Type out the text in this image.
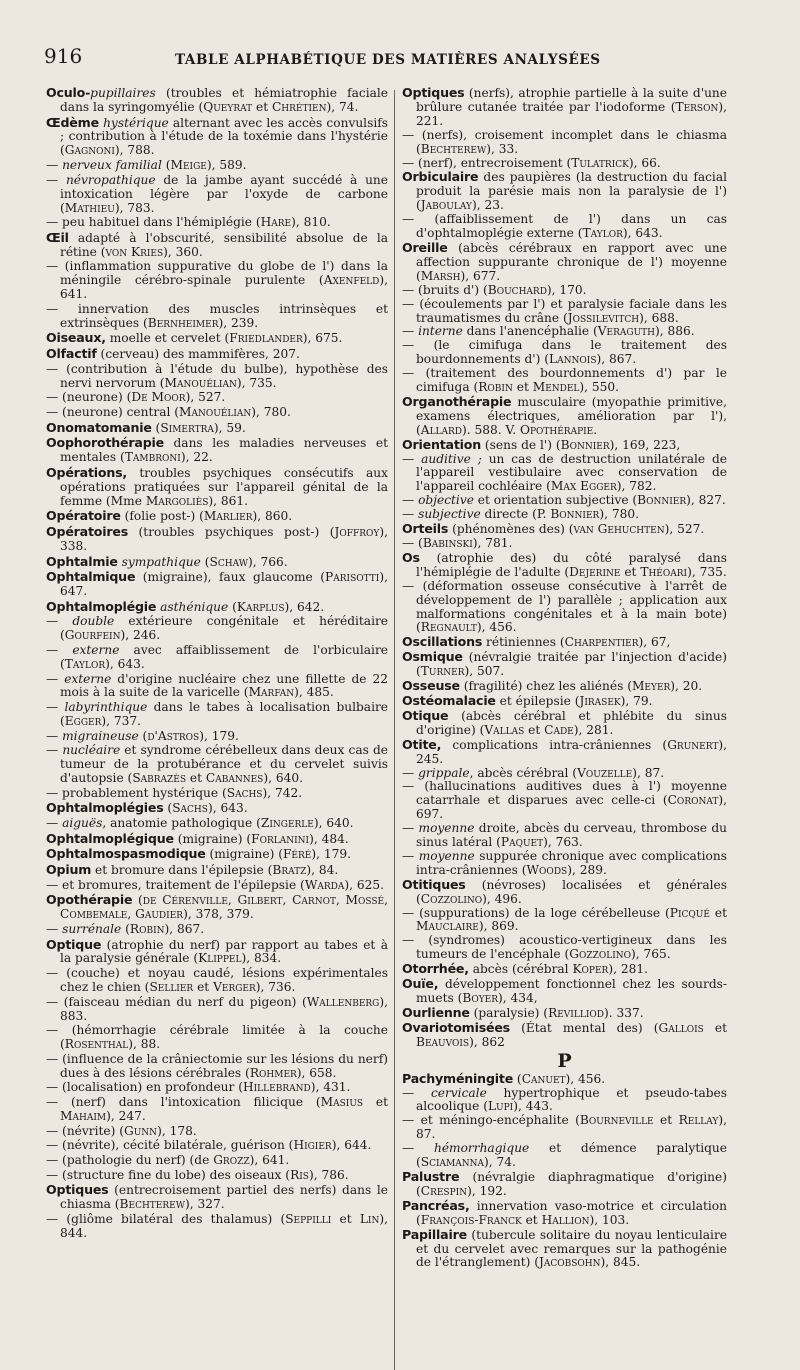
916	TABLE ALPHABÉTIQUE DES MATIÈRES ANALYSÉES
Oculo-pupillaires (troubles et hémiatrophie faciale dans la syringomyélie (Queyrat et Chrétien), 74.
Œdème hystérique alternant avec les accès convulsifs ; contribution à l'étude de la toxémie dans l'hystérie (Gagnoni), 788.
— nerveux familial (Meige), 589.
— névropathique de la jambe ayant succédé à une intoxication légère par l'oxyde de carbone (Mathieu), 783.
— peu habituel dans l'hémiplégie (Hare), 810.
Œil adapté à l'obscurité, sensibilité absolue de la rétine (von Kries), 360.
— (inflammation suppurative du globe de l') dans la méningile cérébro-spinale purulente (Axenfeld), 641.
— innervation des muscles intrinsèques et extrinsèques (Bernheimer), 239.
Oiseaux, moelle et cervelet (Friedlander), 675.
Olfactif (cerveau) des mammifères, 207.
— (contribution à l'étude du bulbe), hypothèse des nervi nervorum (Manouélian), 735.
— (neurone) (De Moor), 527.
— (neurone) central (Manouélian), 780.
Onomatomanie (Simertra), 59.
Oophorothérapie dans les maladies nerveuses et mentales (Tambroni), 22.
Opérations, troubles psychiques consécutifs aux opérations pratiquées sur l'appareil génital de la femme (Mme Margoliès), 861.
Opératoire (folie post-) (Marlier), 860.
Opératoires (troubles psychiques post-) (Joffroy), 338.
Ophtalmie sympathique (Schaw), 766.
Ophtalmique (migraine), faux glaucome (Parisotti), 647.
Ophtalmoplégie asthénique (Karplus), 642.
— double extérieure congénitale et héréditaire (Gourfein), 246.
— externe avec affaiblissement de l'orbiculaire (Taylor), 643.
— externe d'origine nucléaire chez une fillette de 22 mois à la suite de la varicelle (Marfan), 485.
— labyrinthique dans le tabes à localisation bulbaire (Egger), 737.
— migraineuse (d'Astros), 179.
— nucléaire et syndrome cérébelleux dans deux cas de tumeur de la protubérance et du cervelet suivis d'autopsie (Sabrazès et Cabannes), 640.
— probablement hystérique (Sachs), 742.
Ophtalmoplégies (Sachs), 643.
— aiguës, anatomie pathologique (Zingerle), 640.
Ophtalmoplégique (migraine) (Forlanini), 484.
Ophtalmospasmodique (migraine) (Féré), 179.
Opium et bromure dans l'épilepsie (Bratz), 84.
— et bromures, traitement de l'épilepsie (Warda), 625.
Opothérapie (de Cérenville, Gilbert, Carnot, Mossé, Combemale, Gaudier), 378, 379.
— surrénale (Robin), 867.
Optique (atrophie du nerf) par rapport au tabes et à la paralysie générale (Klippel), 834.
— (couche) et noyau caudé, lésions expérimentales chez le chien (Sellier et Verger), 736.
— (faisceau médian du nerf du pigeon) (Wallenberg), 883.
— (hémorrhagie cérébrale limitée à la couche (Rosenthal), 88.
— (influence de la crâniectomie sur les lésions du nerf) dues à des lésions cérébrales (Rohmer), 658.
— (localisation) en profondeur (Hillebrand), 431.
— (nerf) dans l'intoxication filicique (Masius et Mahaim), 247.
— (névrite) (Gunn), 178.
— (névrite), cécité bilatérale, guérison (Higier), 644.
— (pathologie du nerf) (de Grozz), 641.
— (structure fine du lobe) des oiseaux (Ris), 786.
Optiques (entrecroisement partiel des nerfs) dans le chiasma (Bechterew), 327.
— (gliôme bilatéral des thalamus) (Seppilli et Lin), 844.
Optiques (nerfs), atrophie partielle à la suite d'une brûlure cutanée traitée par l'iodoforme (Terson), 221.
— (nerfs), croisement incomplet dans le chiasma (Bechterew), 33.
— (nerf), entrecroisement (Tulatrick), 66.
Orbiculaire des paupières (la destruction du facial produit la parésie mais non la paralysie de l') (Jaboulay), 23.
— (affaiblissement de l') dans un cas d'ophtalmoplégie externe (Taylor), 643.
Oreille (abcès cérébraux en rapport avec une affection suppurante chronique de l') moyenne (Marsh), 677.
— (bruits d') (Bouchard), 170.
— (écoulements par l') et paralysie faciale dans les traumatismes du crâne (Jossilevitch), 688.
— interne dans l'anencéphalie (Veraguth), 886.
— (le cimifuga dans le traitement des bourdonnements d') (Lannois), 867.
— (traitement des bourdonnements d') par le cimifuga (Robin et Mendel), 550.
Organothérapie musculaire (myopathie primitive, examens électriques, amélioration par l'), (Allard). 588. V. Opothérapie.
Orientation (sens de l') (Bonnier), 169, 223,
— auditive ; un cas de destruction unilatérale de l'appareil vestibulaire avec conservation de l'appareil cochléaire (Max Egger), 782.
— objective et orientation subjective (Bonnier), 827.
— subjective directe (P. Bonnier), 780.
Orteils (phénomènes des) (van Gehuchten), 527.
— (Babinski), 781.
Os (atrophie des) du côté paralysé dans l'hémiplégie de l'adulte (Dejerine et Théoari), 735.
— (déformation osseuse consécutive à l'arrêt de développement de l') parallèle ; application aux malformations congénitales et à la main bote) (Regnault), 456.
Oscillations rétiniennes (Charpentier), 67,
Osmique (névralgie traitée par l'injection d'acide) (Turner), 507.
Osseuse (fragilité) chez les aliénés (Meyer), 20.
Ostéomalacie et épilepsie (Jirasek), 79.
Otique (abcès cérébral et phlébite du sinus d'origine) (Vallas et Cade), 281.
Otite, complications intra-crâniennes (Grunert), 245.
— grippale, abcès cérébral (Vouzelle), 87.
— (hallucinations auditives dues à l') moyenne catarrhale et disparues avec celle-ci (Coronat), 697.
— moyenne droite, abcès du cerveau, thrombose du sinus latéral (Paquet), 763.
— moyenne suppurée chronique avec complications intra-crâniennes (Woods), 289.
Otitiques (névroses) localisées et générales (Cozzolino), 496.
— (suppurations) de la loge cérébelleuse (Picqué et Mauclaire), 869.
— (syndromes) acoustico-vertigineux dans les tumeurs de l'encéphale (Gozzolino), 765.
Otorrhée, abcès (cérébral Koper), 281.
Ouïe, développement fonctionnel chez les sourds-muets (Boyer), 434,
Ourlienne (paralysie) (Revilliod). 337.
Ovariotomisées (État mental des) (Gallois et Beauvois), 862
P
Pachyméningite (Canuet), 456.
— cervicale hypertrophique et pseudo-tabes alcoolique (Lupi), 443.
— et méningo-encéphalite (Bourneville et Rellay), 87.
— hémorrhagique et démence paralytique (Sciamanna), 74.
Palustre (névralgie diaphragmatique d'origine) (Crespin), 192.
Pancréas, innervation vaso-motrice et circulation (François-Franck et Hallion), 103.
Papillaire (tubercule solitaire du noyau lenticulaire et du cervelet avec remarques sur la pathogénie de l'étranglement) (Jacobsohn), 845.
